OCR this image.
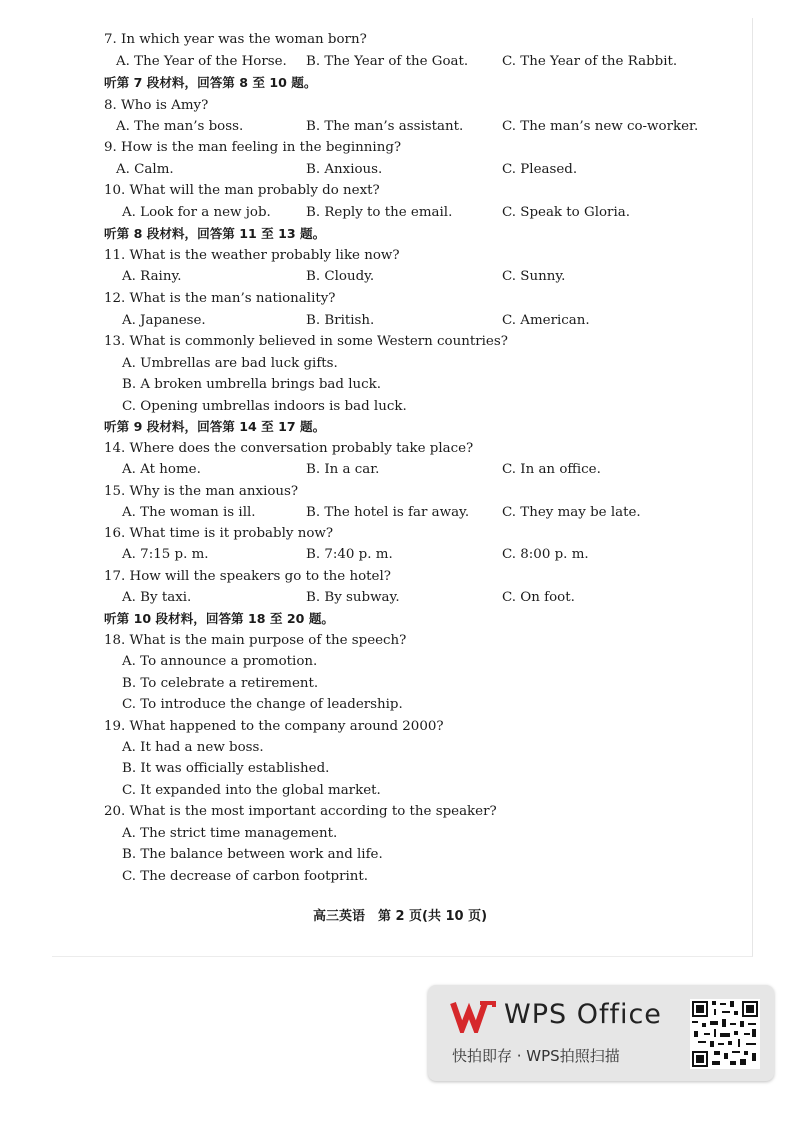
7. In which year was the woman born?
A. The Year of the Horse. B. The Year of the Goat.	C. The Year of the Rabbit.
听第 7 段材料，回答第 8 至 10 题。
8. Who is Amy?
A. The man’s boss.	B. The man’s assistant.	C. The man’s new co-worker.
9. How is the man feeling in the beginning?
A. Calm.	B. Anxious.	C. Pleased.
10. What will the man probably do next?
A. Look for a new job.	B. Reply to the email.	C. Speak to Gloria.
听第 8 段材料，回答第 11 至 13 题。
11. What is the weather probably like now?
A. Rainy.	B. Cloudy.	C. Sunny.
12. What is the man’s nationality?
A. Japanese.	B. British.	C. American.
13. What is commonly believed in some Western countries?
A. Umbrellas are bad luck gifts.
B. A broken umbrella brings bad luck.
C. Opening umbrellas indoors is bad luck.
听第 9 段材料，回答第 14 至 17 题。
14. Where does the conversation probably take place?
A. At home.	B. In a car.	C. In an office.
15. Why is the man anxious?
A. The woman is ill.	B. The hotel is far away. C. They may be late.
16. What time is it probably now?
A. 7:15 p. m.	B. 7:40 p. m.	C. 8:00 p. m.
17. How will the speakers go to the hotel?
A. By taxi.	B. By subway.	C. On foot.
听第 10 段材料，回答第 18 至 20 题。
18. What is the main purpose of the speech?
A. To announce a promotion.
B. To celebrate a retirement.
C. To introduce the change of leadership.
19. What happened to the company around 2000?
A. It had a new boss.
B. It was officially established.
C. It expanded into the global market.
20. What is the most important according to the speaker?
A. The strict time management.
B. The balance between work and life.
C. The decrease of carbon footprint.
高三英语　第 2 页(共 10 页)
WPS Office
快拍即存 · WPS拍照扫描
